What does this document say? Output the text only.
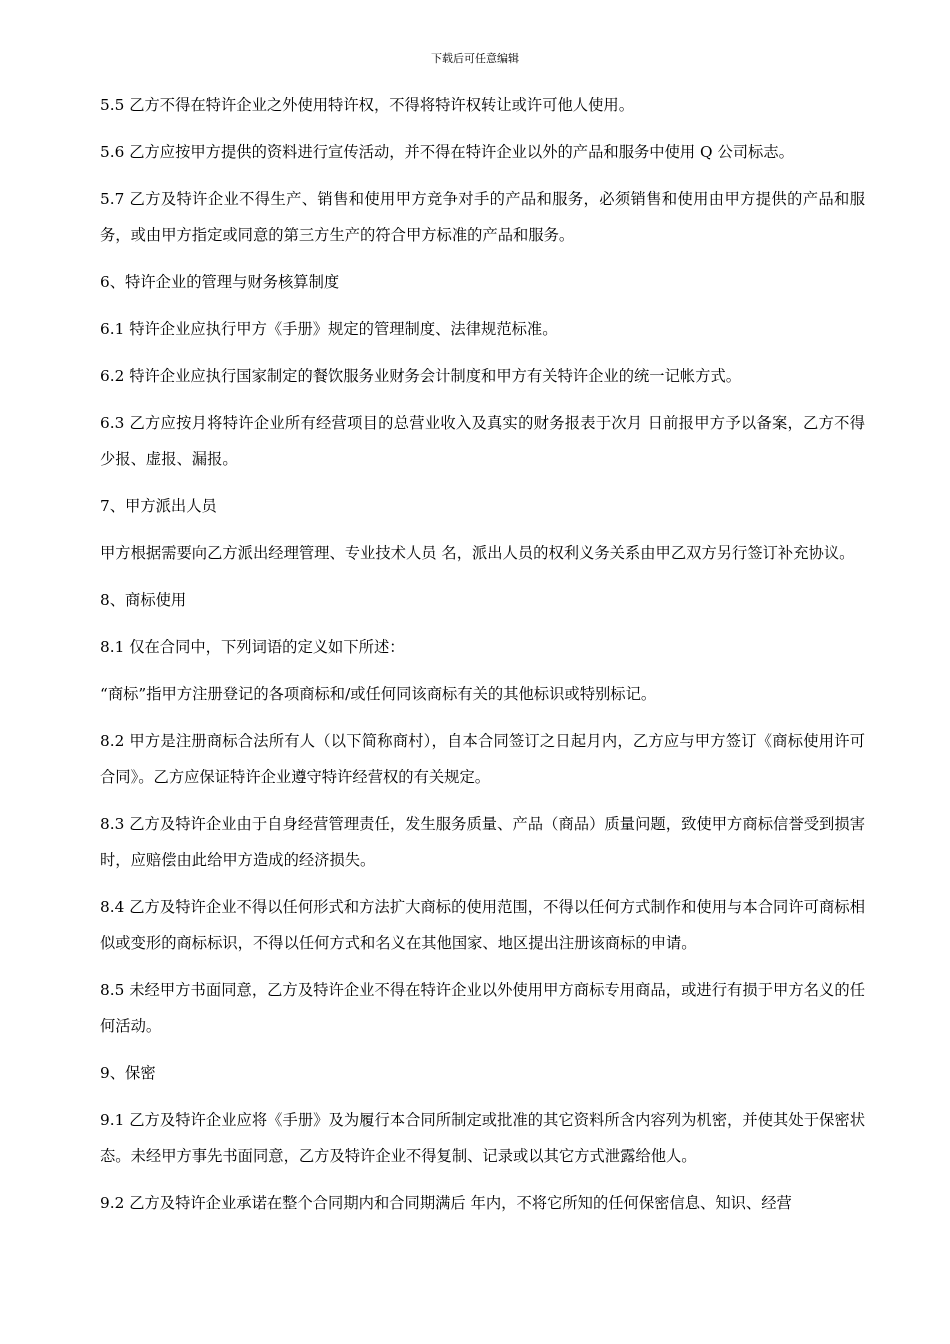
下载后可任意编辑

5.5 乙方不得在特许企业之外使用特许权，不得将特许权转让或许可他人使用。

5.6 乙方应按甲方提供的资料进行宣传活动，并不得在特许企业以外的产品和服务中使用 Q 公司标志。

5.7 乙方及特许企业不得生产、销售和使用甲方竞争对手的产品和服务，必须销售和使用由甲方提供的产品和服务，或由甲方指定或同意的第三方生产的符合甲方标准的产品和服务。

6、特许企业的管理与财务核算制度

6.1 特许企业应执行甲方《手册》规定的管理制度、法律规范标准。

6.2 特许企业应执行国家制定的餐饮服务业财务会计制度和甲方有关特许企业的统一记帐方式。

6.3 乙方应按月将特许企业所有经营项目的总营业收入及真实的财务报表于次月 日前报甲方予以备案，乙方不得少报、虚报、漏报。

7、甲方派出人员

甲方根据需要向乙方派出经理管理、专业技术人员 名，派出人员的权利义务关系由甲乙双方另行签订补充协议。

8、商标使用

8.1 仅在合同中，下列词语的定义如下所述：

“商标”指甲方注册登记的各项商标和/或任何同该商标有关的其他标识或特别标记。

8.2 甲方是注册商标合法所有人（以下简称商村），自本合同签订之日起月内，乙方应与甲方签订《商标使用许可合同》。乙方应保证特许企业遵守特许经营权的有关规定。

8.3 乙方及特许企业由于自身经营管理责任，发生服务质量、产品（商品）质量问题，致使甲方商标信誉受到损害时，应赔偿由此给甲方造成的经济损失。

8.4 乙方及特许企业不得以任何形式和方法扩大商标的使用范围，不得以任何方式制作和使用与本合同许可商标相似或变形的商标标识，不得以任何方式和名义在其他国家、地区提出注册该商标的申请。

8.5 未经甲方书面同意，乙方及特许企业不得在特许企业以外使用甲方商标专用商品，或进行有损于甲方名义的任何活动。

9、保密

9.1 乙方及特许企业应将《手册》及为履行本合同所制定或批准的其它资料所含内容列为机密，并使其处于保密状态。未经甲方事先书面同意，乙方及特许企业不得复制、记录或以其它方式泄露给他人。

9.2 乙方及特许企业承诺在整个合同期内和合同期满后 年内，不将它所知的任何保密信息、知识、经营
